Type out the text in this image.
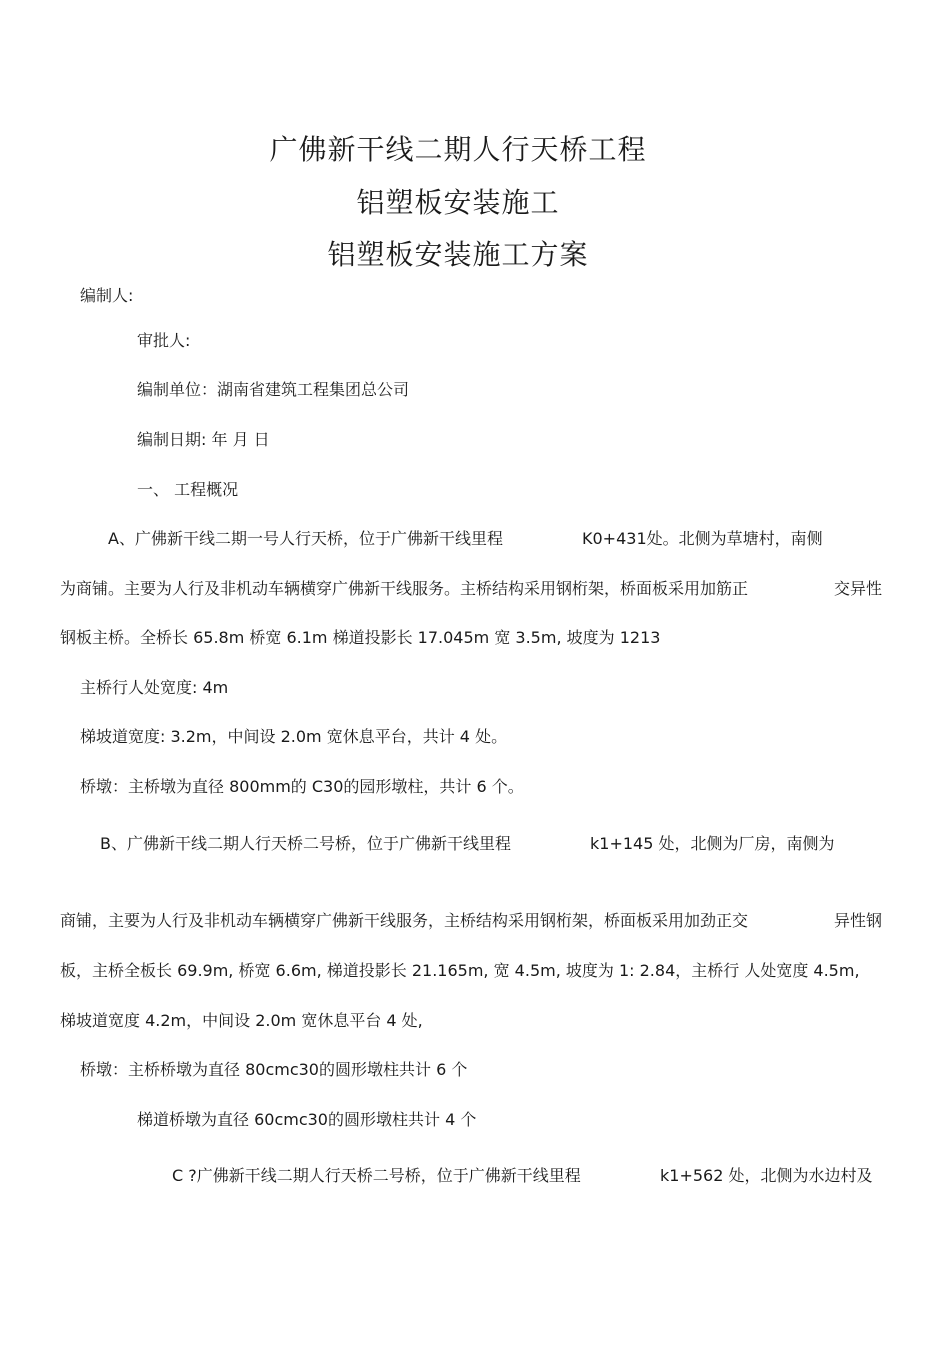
广佛新干线二期人行天桥工程
铝塑板安装施工
铝塑板安装施工方案

编制人:

审批人:

编制单位：湖南省建筑工程集团总公司

编制日期: 年 月 日

一、 工程概况

A、广佛新干线二期一号人行天桥，位于广佛新干线里程	K0+431处。北侧为草塘村，南侧
为商铺。主要为人行及非机动车辆横穿广佛新干线服务。主桥结构采用钢桁架，桥面板采用加筋正	交异性
钢板主桥。全桥长 65.8m 桥宽 6.1m 梯道投影长 17.045m 宽 3.5m, 坡度为 1213

主桥行人处宽度: 4m

梯坡道宽度: 3.2m，中间设 2.0m 宽休息平台，共计 4 处。

桥墩：主桥墩为直径 800mm的 C30的园形墩柱，共计 6 个。

B、广佛新干线二期人行天桥二号桥，位于广佛新干线里程	k1+145 处，北侧为厂房，南侧为
商铺，主要为人行及非机动车辆横穿广佛新干线服务，主桥结构采用钢桁架，桥面板采用加劲正交	异性钢
板，主桥全板长 69.9m, 桥宽 6.6m, 梯道投影长 21.165m, 宽 4.5m, 坡度为 1: 2.84，主桥行 人处宽度 4.5m,
梯坡道宽度 4.2m，中间设 2.0m 宽休息平台 4 处,

桥墩：主桥桥墩为直径 80cmc30的圆形墩柱共计 6 个

梯道桥墩为直径 60cmc30的圆形墩柱共计 4 个

C ?广佛新干线二期人行天桥二号桥，位于广佛新干线里程	k1+562 处，北侧为水边村及
